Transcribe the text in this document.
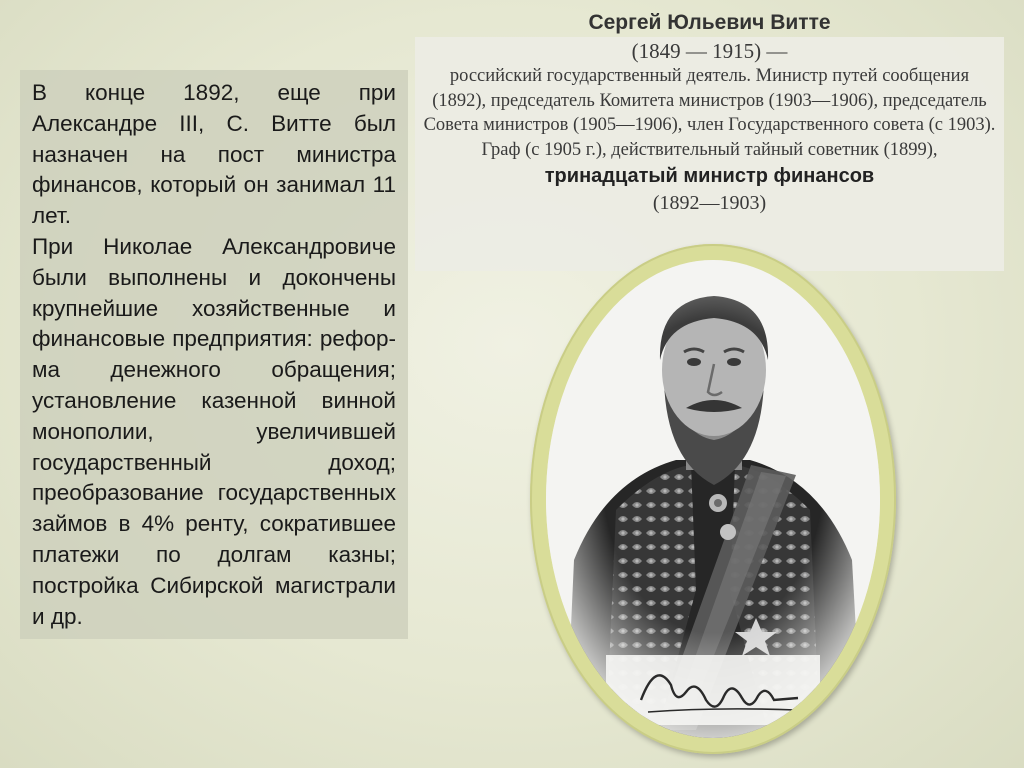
В конце 1892, еще при Александре III, С. Витте был назначен на пост министра финансов, который он занимал 11 лет.

При Николае Александровиче были выполнены и докончены крупнейшие хозяйственные и финансовые предприятия: реформа денежного обращения; установление казенной винной монополии, увеличившей государственный доход; преобразование государственных займов в 4% ренту, сократившее платежи по долгам казны; постройка Сибирской магистрали и др.

Сергей Юльевич Витте
(1849 — 1915) —
российский государственный деятель. Министр путей сообщения (1892), председатель Комитета министров (1903—1906), председатель Совета министров (1905—1906), член Государственного совета (с 1903). Граф (с 1905 г.), действительный тайный советник (1899),
тринадцатый министр финансов
(1892—1903)
